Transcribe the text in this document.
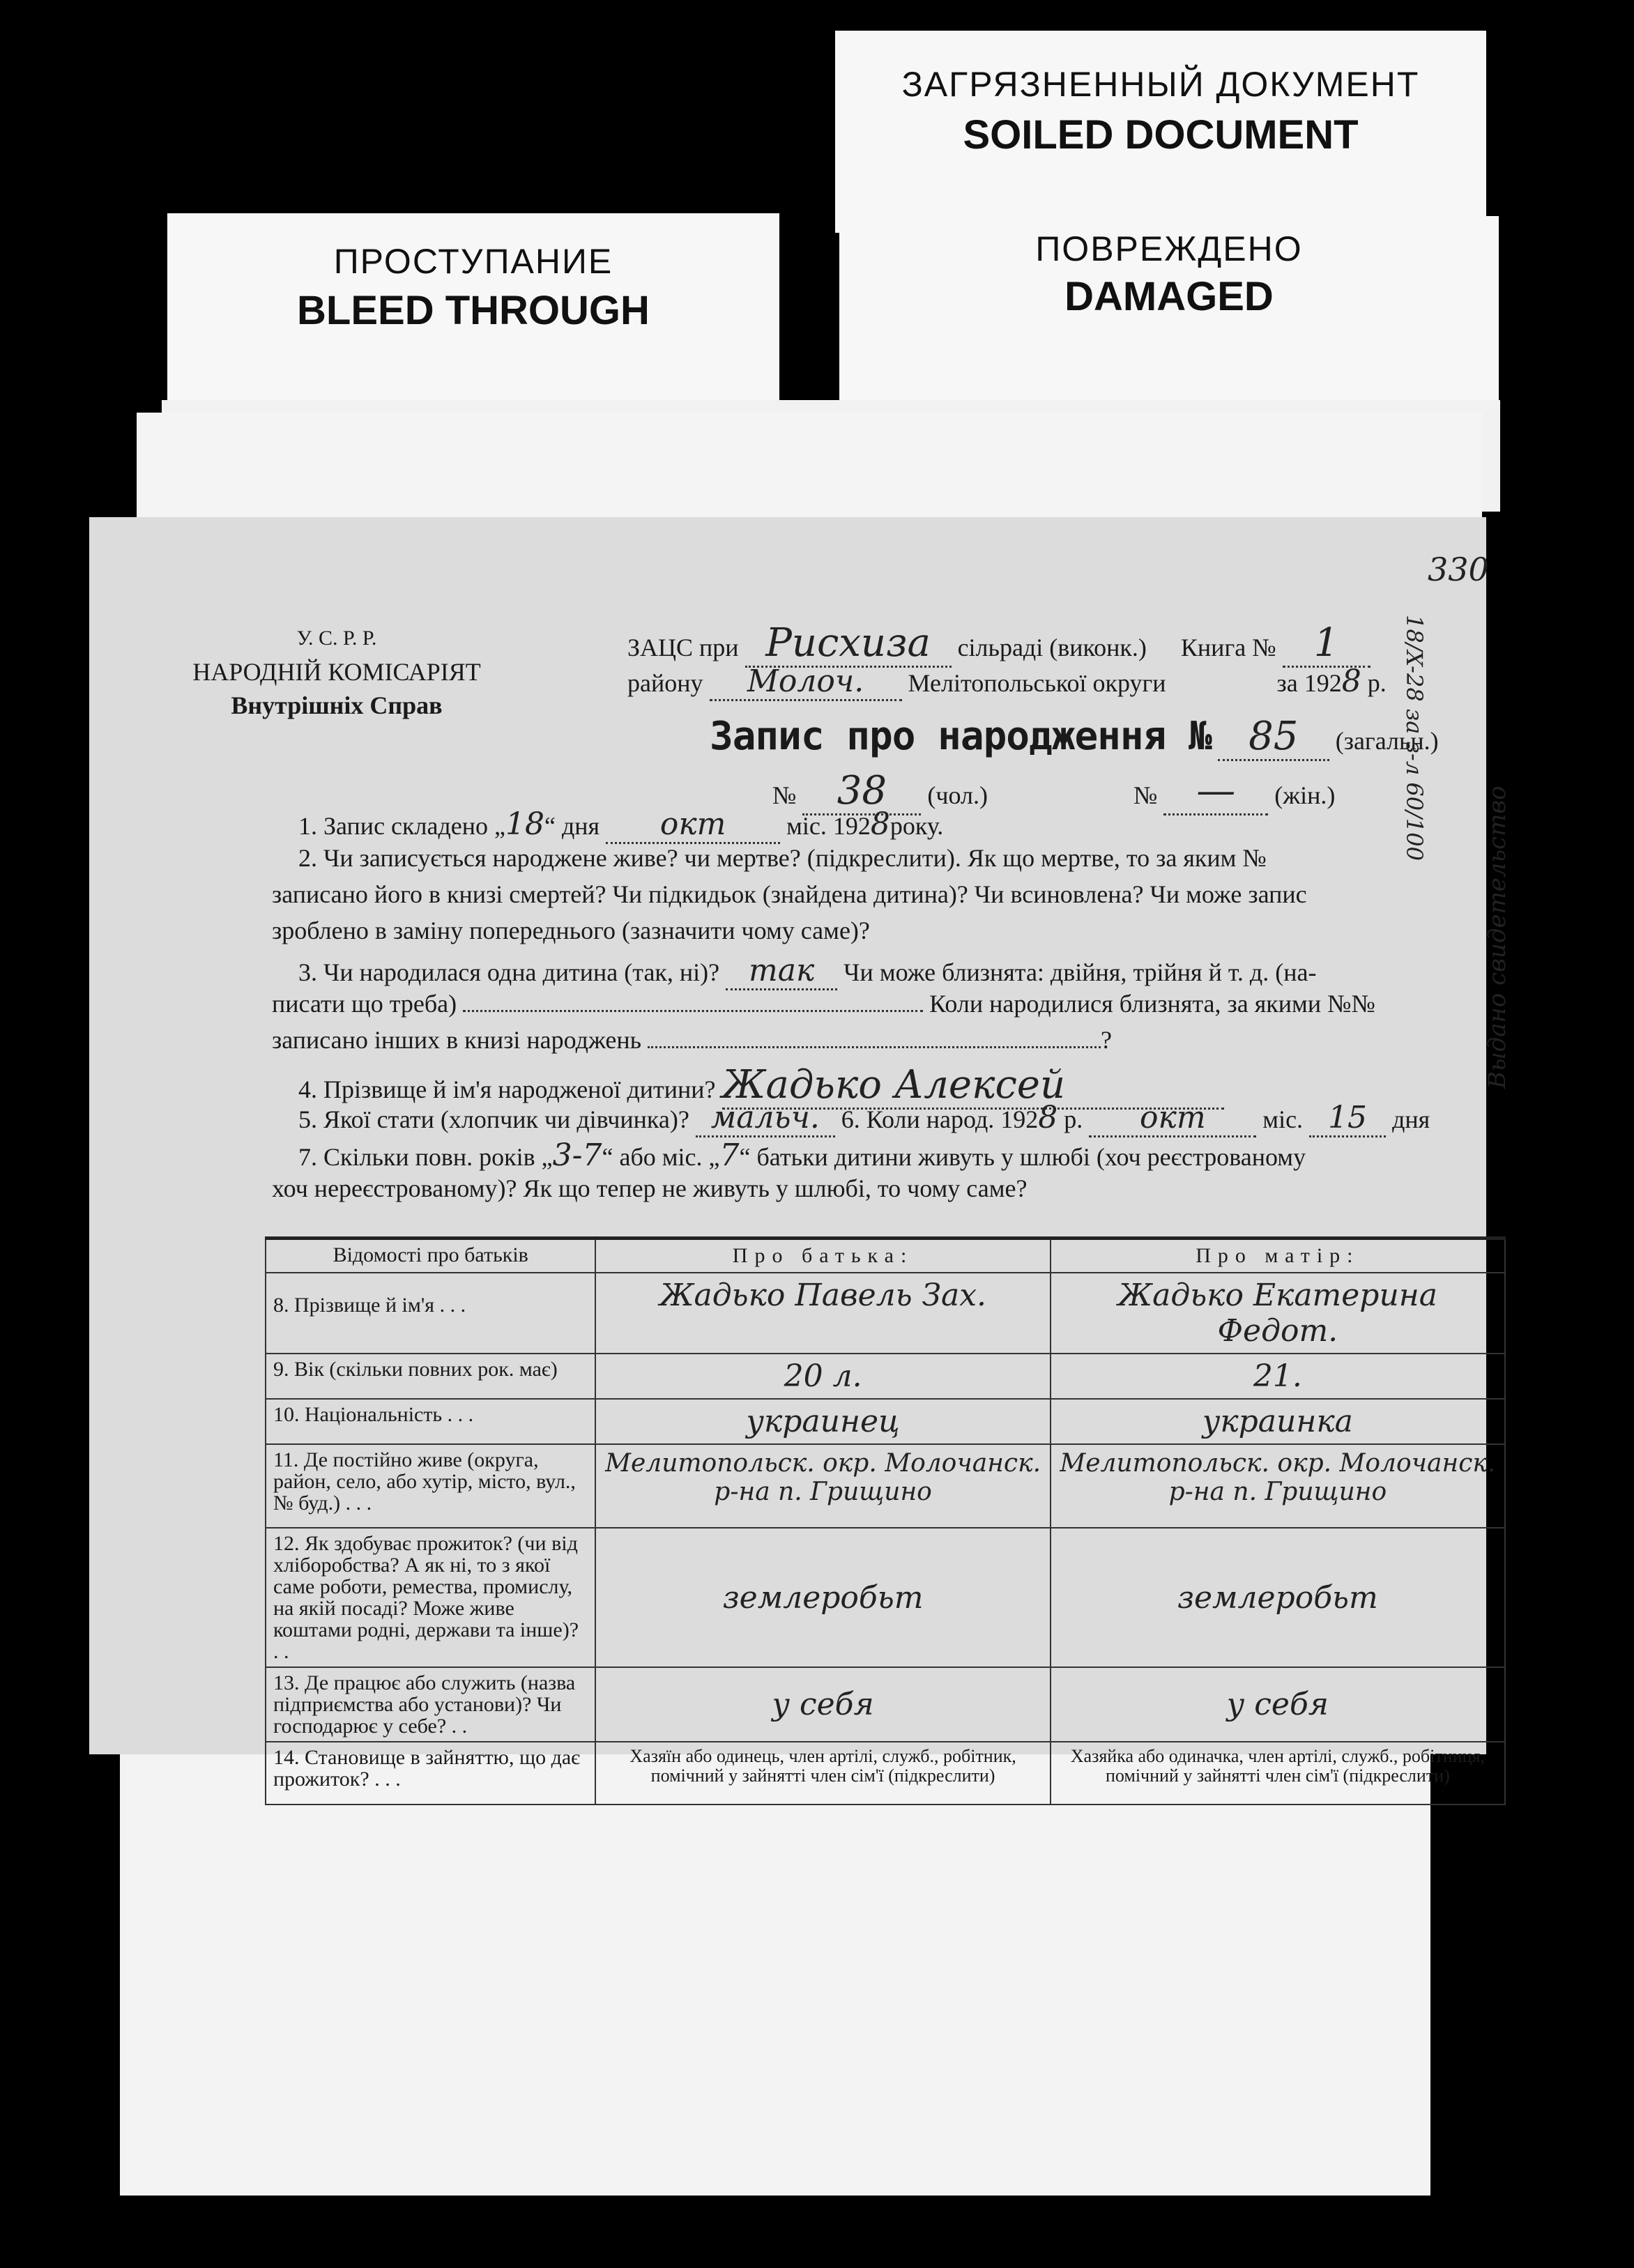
ЗАГРЯЗНЕННЫЙ ДОКУМЕНТ
SOILED DOCUMENT
ПРОСТУПАНИЕ
BLEED THROUGH
ПОВРЕЖДЕНО
DAMAGED
330
У. С. Р. Р.
НАРОДНІЙ КОМІСАРІЯТ
Внутрішніх Справ
ЗАЦС при Рисхиза сільраді (виконк.) Книга № 1
району Молоч. Мелітопольської округи	за 1928 р.
Запис про народження № 85 (загальн.)
№ 38 (чол.)	№ — (жін.)
1. Запис складено „18“ дня окт міс. 1928року.
2. Чи записується народжене живе? чи мертве? (підкреслити). Як що мертве, то за яким №
записано його в книзі смертей? Чи підкидьок (знайдена дитина)? Чи всиновлена? Чи може запис
зроблено в заміну попереднього (зазначити чому саме)?
3. Чи народилася одна дитина (так, ні)? так Чи може близнята: двійня, трійня й т. д. (на-
писати що треба)	Коли народилися близнята, за якими №№
записано інших в книзі народжень	?
4. Прізвище й ім'я народженої дитини? Жадько Алексей
5. Якої стати (хлопчик чи дівчинка)? мальч. 6. Коли народ. 1928 р. окт міс. 15 дня
7. Скільки повн. років „3-7“ або міс. „7“ батьки дитини живуть у шлюбі (хоч реєстрованому
хоч нереєстрованому)? Як що тепер не живуть у шлюбі, то чому саме?
18/X-28 за з-л 60/100
Выдано свидетельство
Відомості про батьків	Про батька:	Про матір:
8. Прізвище й ім'я . . .	Жадько Павель Зах.	Жадько Екатерина Федот.
9. Вік (скільки повних рок. має)	20 л.	21.
10. Національність . . .	украинец	украинка
11. Де постійно живе (округа, район, село, або хутір, місто, вул., № буд.) . . .	Мелитопольск. окр. Молочанск. р-на п. Грищино	Мелитопольск. окр. Молочанск. р-на п. Грищино
12. Як здобуває прожиток? (чи від хліборобства? А як ні, то з якої саме роботи, ремества, промислу, на якій посаді? Може живе коштами родні, держави та інше)? . .	землеробьт	землеробьт
13. Де працює або служить (назва підприємства або установи)? Чи господарює у себе? . .	у себя	у себя
14. Становище в зайняттю, що дає прожиток? . . .	Хазяїн або одинець, член артілі, служб., робітник, помічний у зайнятті член сім'ї (підкреслити)	Хазяйка або одиначка, член артілі, служб., робітниця, помічний у зайнятті член сім'ї (підкреслити)
